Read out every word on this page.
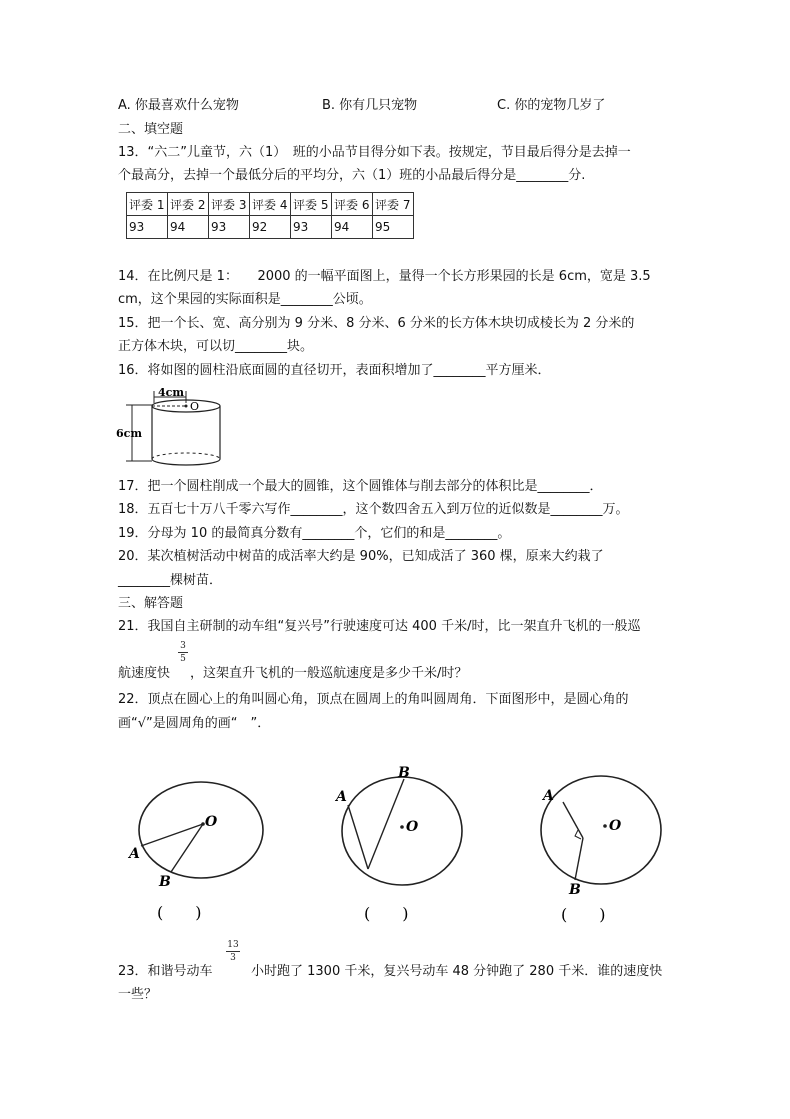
A. 你最喜欢什么宠物	B. 你有几只宠物	C. 你的宠物几岁了
二、填空题
13．“六二”儿童节，六（1）　班的小品节目得分如下表。按规定，节目最后得分是去掉一
个最高分，去掉一个最低分后的平均分，六（1）班的小品最后得分是________分.
评委 1	评委 2	评委 3	评委 4	评委 5	评委 6	评委 7
93	94	93	92	93	94	95
14．在比例尺是 1：　　2000 的一幅平面图上，量得一个长方形果园的长是 6cm，宽是 3.5
cm，这个果园的实际面积是________公顷。
15．把一个长、宽、高分别为 9 分米、8 分米、6 分米的长方体木块切成棱长为 2 分米的
正方体木块，可以切________块。
16．将如图的圆柱沿底面圆的直径切开，表面积增加了________平方厘米．
4cm
O
6cm
17．把一个圆柱削成一个最大的圆锥，这个圆锥体与削去部分的体积比是________．
18．五百七十万八千零六写作________，这个数四舍五入到万位的近似数是________万。
19．分母为 10 的最简真分数有________个，它们的和是________。
20．某次植树活动中树苗的成活率大约是 90%，已知成活了 360 棵，原来大约栽了
________棵树苗．
三、解答题
21．我国自主研制的动车组“复兴号”行驶速度可达 400 千米/时，比一架直升飞机的一般巡
3
5
航速度快 ，这架直升飞机的一般巡航速度是多少千米/时？
22．顶点在圆心上的角叫圆心角，顶点在圆周上的角叫圆周角．下面图形中，是圆心角的
画“√”是圆周角的画“　”．
O
A
B
(　　)
A
B
O
(　　)
A
O
B
(　　)
13
3
23．和谐号动车	小时跑了 1300 千米，复兴号动车 48 分钟跑了 280 千米．谁的速度快
一些？
